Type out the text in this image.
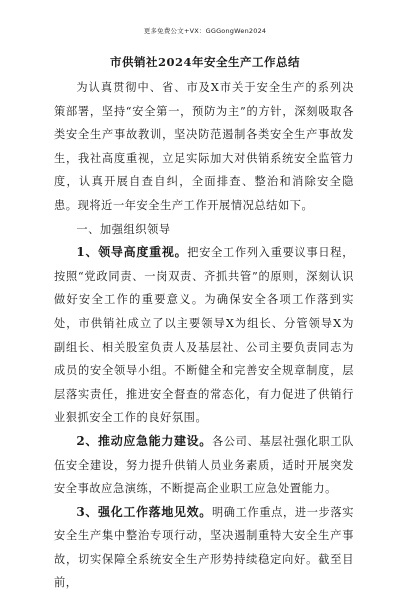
更多免费公文+VX：GGGongWen2024
市供销社2024年安全生产工作总结

为认真贯彻中、省、市及X市关于安全生产的系列决策部署，坚持“安全第一，预防为主”的方针，深刻吸取各类安全生产事故教训，坚决防范遏制各类安全生产事故发生，我社高度重视，立足实际加大对供销系统安全监管力度，认真开展自查自纠，全面排查、整治和消除安全隐患。现将近一年安全生产工作开展情况总结如下。

一、加强组织领导

1、领导高度重视。把安全工作列入重要议事日程，按照“党政同责、一岗双责、齐抓共管”的原则，深刻认识做好安全工作的重要意义。为确保安全各项工作落到实处，市供销社成立了以主要领导X为组长、分管领导X为副组长、相关股室负责人及基层社、公司主要负责同志为成员的安全领导小组。不断健全和完善安全规章制度，层层落实责任，推进安全督查的常态化，有力促进了供销行业狠抓安全工作的良好氛围。

2、推动应急能力建设。各公司、基层社强化职工队伍安全建设，努力提升供销人员业务素质，适时开展突发安全事故应急演练，不断提高企业职工应急处置能力。

3、强化工作落地见效。明确工作重点，进一步落实安全生产集中整治专项行动，坚决遏制重特大安全生产事故，切实保障全系统安全生产形势持续稳定向好。截至目前，
